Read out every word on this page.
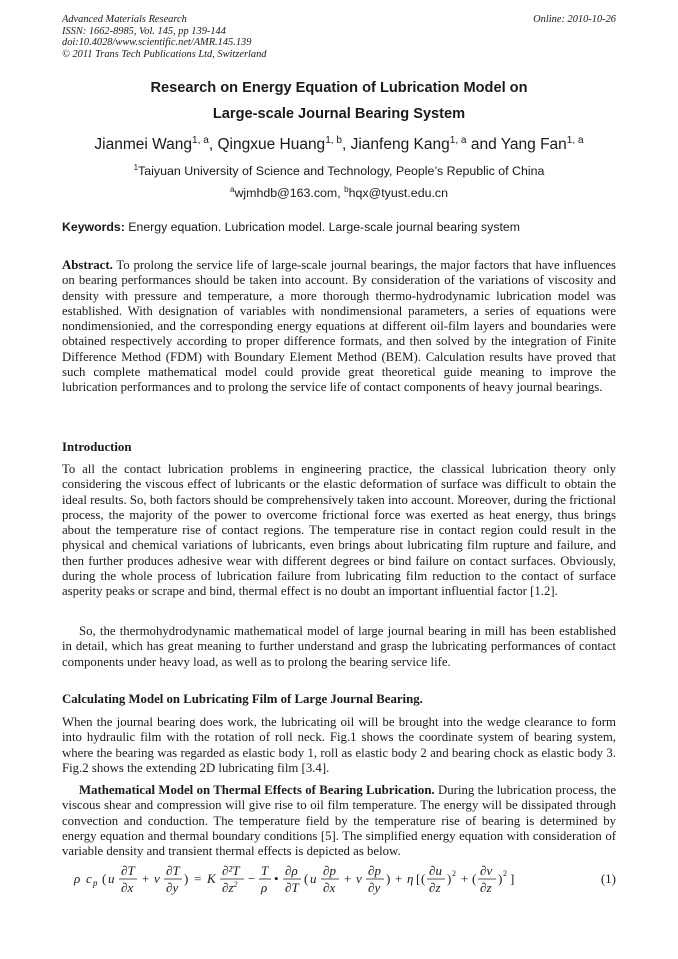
Advanced Materials Research
ISSN: 1662-8985, Vol. 145, pp 139-144
doi:10.4028/www.scientific.net/AMR.145.139
© 2011 Trans Tech Publications Ltd, Switzerland
Online: 2010-10-26
Research on Energy Equation of Lubrication Model on
Large-scale Journal Bearing System
Jianmei Wang$^{1, a}$, Qingxue Huang$^{1, b}$, Jianfeng Kang$^{1, a}$ and Yang Fan$^{1, a}$
$^1$Taiyuan University of Science and Technology, People’s Republic of China
$^a$wjmhdb@163.com, $^b$hqx@tyust.edu.cn
Keywords: Energy equation. Lubrication model. Large-scale journal bearing system

Abstract. To prolong the service life of large-scale journal bearings, the major factors that have influences on bearing performances should be taken into account. By consideration of the variations of viscosity and density with pressure and temperature, a more thorough thermo-hydrodynamic lubrication model was established. With designation of variables with nondimensional parameters, a series of equations were nondimensionied, and the corresponding energy equations at different oil-film layers and boundaries were obtained respectively according to proper difference formats, and then solved by the integration of Finite Difference Method (FDM) with Boundary Element Method (BEM). Calculation results have proved that such complete mathematical model could provide great theoretical guide meaning to improve the lubrication performances and to prolong the service life of contact components of heavy journal bearings.

Introduction

To all the contact lubrication problems in engineering practice, the classical lubrication theory only considering the viscous effect of lubricants or the elastic deformation of surface was difficult to obtain the ideal results. So, both factors should be comprehensively taken into account. Moreover, during the frictional process, the majority of the power to overcome frictional force was exerted as heat energy, thus brings about the temperature rise of contact regions. The temperature rise in contact region could result in the physical and chemical variations of lubricants, even brings about lubricating film rupture and failure, and then further produces adhesive wear with different degrees or bind failure on contact surfaces. Obviously, during the whole process of lubrication failure from lubricating film reduction to the contact of surface asperity peaks or scrape and bind, thermal effect is no doubt an important influential factor [1.2].

So, the thermohydrodynamic mathematical model of large journal bearing in mill has been established in detail, which has great meaning to further understand and grasp the lubricating performances of contact components under heavy load, as well as to prolong the bearing service life.

Calculating Model on Lubricating Film of Large Journal Bearing.

When the journal bearing does work, the lubricating oil will be brought into the wedge clearance to form into hydraulic film with the rotation of roll neck. Fig.1 shows the coordinate system of bearing system, where the bearing was regarded as elastic body 1, roll as elastic body 2 and bearing chock as elastic body 3. Fig.2 shows the extending 2D lubricating film [3.4].

Mathematical Model on Thermal Effects of Bearing Lubrication. During the lubrication process, the viscous shear and compression will give rise to oil film temperature. The energy will be dissipated through convection and conduction. The temperature field by the temperature rise of bearing is determined by energy equation and thermal boundary conditions [5]. The simplified energy equation with consideration of variable density and transient thermal effects is depicted as below.

ρ c p ( u
∂T
∂x
+ v
∂T
∂y
) = K
∂²T
$\partial z^2$ −
T
ρ
•
∂ρ
∂T
( u
∂p
∂x
+ v
∂p
∂y
) + η [ (
∂u
∂z
) 2 + (
∂v
∂z
) 2 ]	(1)
